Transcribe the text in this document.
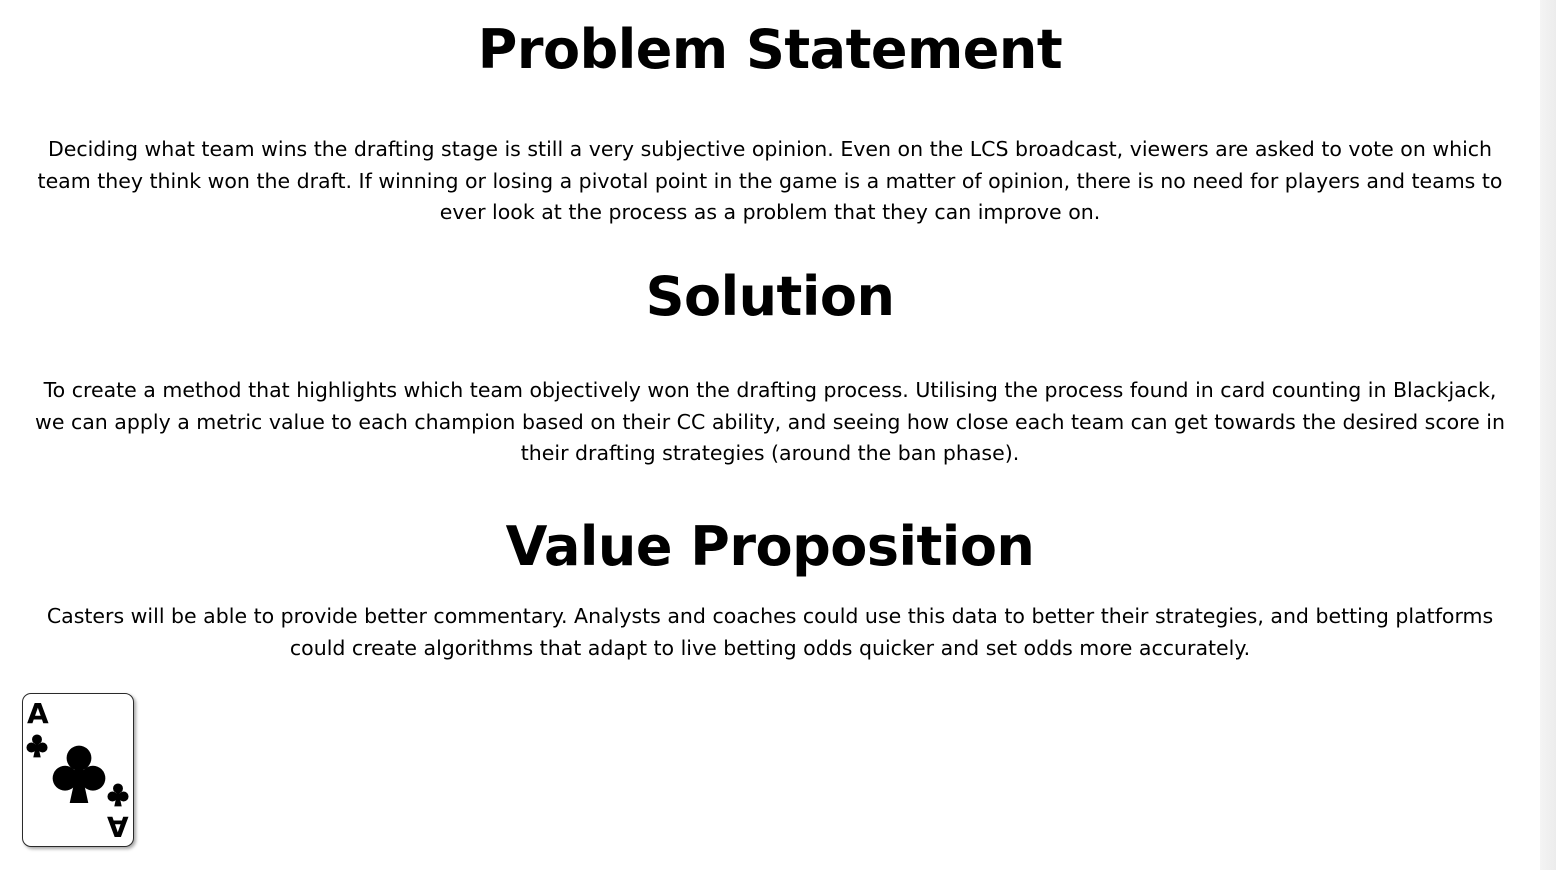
Problem Statement

Deciding what team wins the drafting stage is still a very subjective opinion. Even on the LCS broadcast, viewers are asked to vote on which team they think won the draft. If winning or losing a pivotal point in the game is a matter of opinion, there is no need for players and teams to ever look at the process as a problem that they can improve on.

Solution

To create a method that highlights which team objectively won the drafting process. Utilising the process found in card counting in Blackjack, we can apply a metric value to each champion based on their CC ability, and seeing how close each team can get towards the desired score in their drafting strategies (around the ban phase).

Value Proposition

Casters will be able to provide better commentary. Analysts and coaches could use this data to better their strategies, and betting platforms could create algorithms that adapt to live betting odds quicker and set odds more accurately.

A
A
